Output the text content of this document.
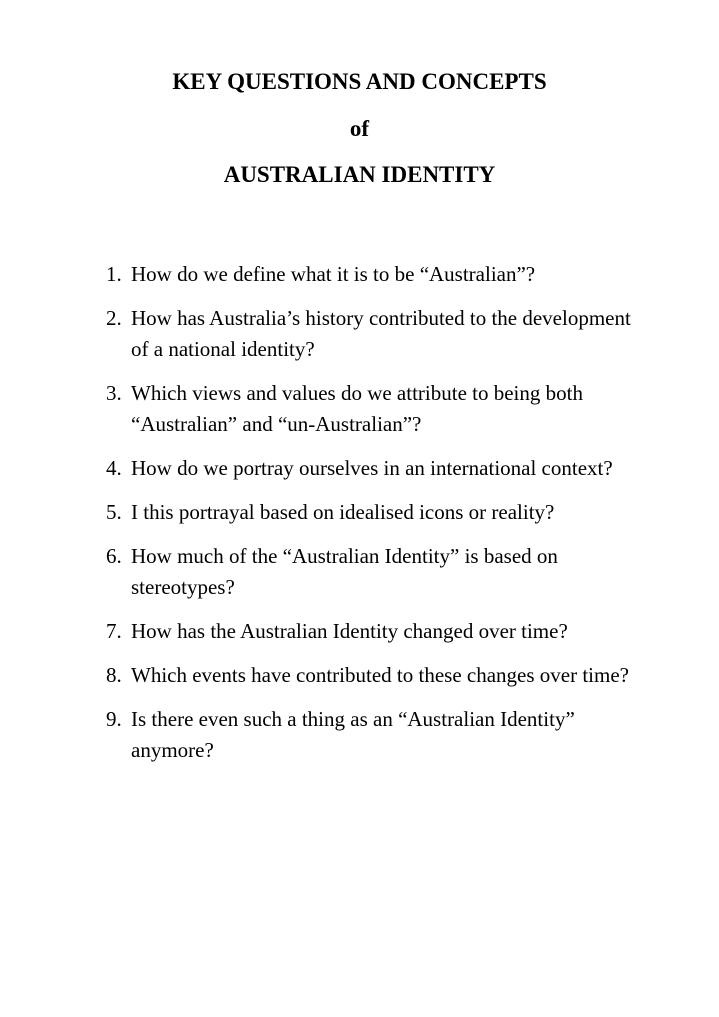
KEY QUESTIONS AND CONCEPTS
of
AUSTRALIAN IDENTITY
1. How do we define what it is to be “Australian”?
2. How has Australia’s history contributed to the development of a national identity?
3. Which views and values do we attribute to being both “Australian” and “un-Australian”?
4. How do we portray ourselves in an international context?
5. I this portrayal based on idealised icons or reality?
6. How much of the “Australian Identity” is based on stereotypes?
7. How has the Australian Identity changed over time?
8. Which events have contributed to these changes over time?
9. Is there even such a thing as an “Australian Identity” anymore?
